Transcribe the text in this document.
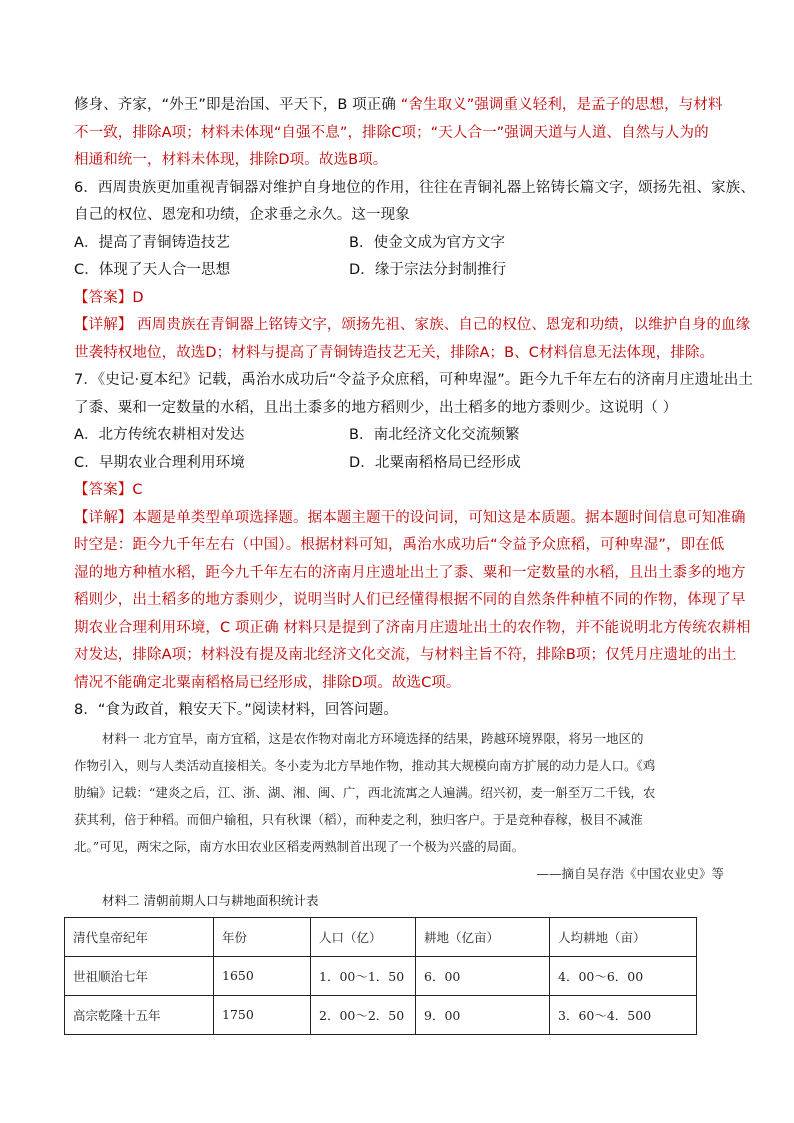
修身、齐家，“外王”即是治国、平天下，B 项正确 “舍生取义”强调重义轻利，是孟子的思想，与材料
不一致，排除A项；材料未体现“自强不息”，排除C项；“天人合一”强调天道与人道、自然与人为的
相通和统一，材料未体现，排除D项。故选B项。
6．西周贵族更加重视青铜器对维护自身地位的作用，往往在青铜礼器上铭铸长篇文字，颂扬先祖、家族、
自己的权位、恩宠和功绩，企求垂之永久。这一现象
A．提高了青铜铸造技艺	B．使金文成为官方文字
C．体现了天人合一思想	D．缘于宗法分封制推行
【答案】D
【详解】 西周贵族在青铜器上铭铸文字，颂扬先祖、家族、自己的权位、恩宠和功绩，以维护自身的血缘
世袭特权地位，故选D；材料与提高了青铜铸造技艺无关，排除A；B、C材料信息无法体现，排除。
7．《史记·夏本纪》记载，禹治水成功后“令益予众庶稻，可种卑湿”。距今九千年左右的济南月庄遗址出土
了黍、粟和一定数量的水稻，且出土黍多的地方稻则少，出土稻多的地方黍则少。这说明（ ）
A．北方传统农耕相对发达	B．南北经济文化交流频繁
C．早期农业合理利用环境	D．北粟南稻格局已经形成
【答案】C
【详解】本题是单类型单项选择题。据本题主题干的设问词，可知这是本质题。据本题时间信息可知准确
时空是：距今九千年左右（中国）。根据材料可知，禹治水成功后“令益予众庶稻，可种卑湿”，即在低
湿的地方种植水稻，距今九千年左右的济南月庄遗址出土了黍、粟和一定数量的水稻，且出土黍多的地方
稻则少，出土稻多的地方黍则少，说明当时人们已经懂得根据不同的自然条件种植不同的作物，体现了早
期农业合理利用环境，C 项正确 材料只是提到了济南月庄遗址出土的农作物，并不能说明北方传统农耕相
对发达，排除A项；材料没有提及南北经济文化交流，与材料主旨不符，排除B项；仅凭月庄遗址的出土
情况不能确定北粟南稻格局已经形成，排除D项。故选C项。
8．“食为政首，粮安天下。”阅读材料，回答问题。
材料一 北方宜旱，南方宜稻，这是农作物对南北方环境选择的结果，跨越环境界限，将另一地区的
作物引入，则与人类活动直接相关。冬小麦为北方旱地作物，推动其大规模向南方扩展的动力是人口。《鸡
肋编》记载：“建炎之后，江、浙、湖、湘、闽、广，西北流寓之人遍满。绍兴初，麦一斛至万二千钱，农
获其利，倍于种稻。而佃户输租，只有秋课（稻），而种麦之利，独归客户。于是竞种春稼，极目不减淮
北。”可见，两宋之际，南方水田农业区稻麦两熟制首出现了一个极为兴盛的局面。
——摘自吴存浩《中国农业史》等
材料二 清朝前期人口与耕地面积统计表
清代皇帝纪年	年份	人口（亿）	耕地（亿亩）	人均耕地（亩）
世祖顺治七年	1650	1．00～1．50	6．00	4．00～6．00
高宗乾隆十五年	1750	2．00～2．50	9．00	3．60～4．500
